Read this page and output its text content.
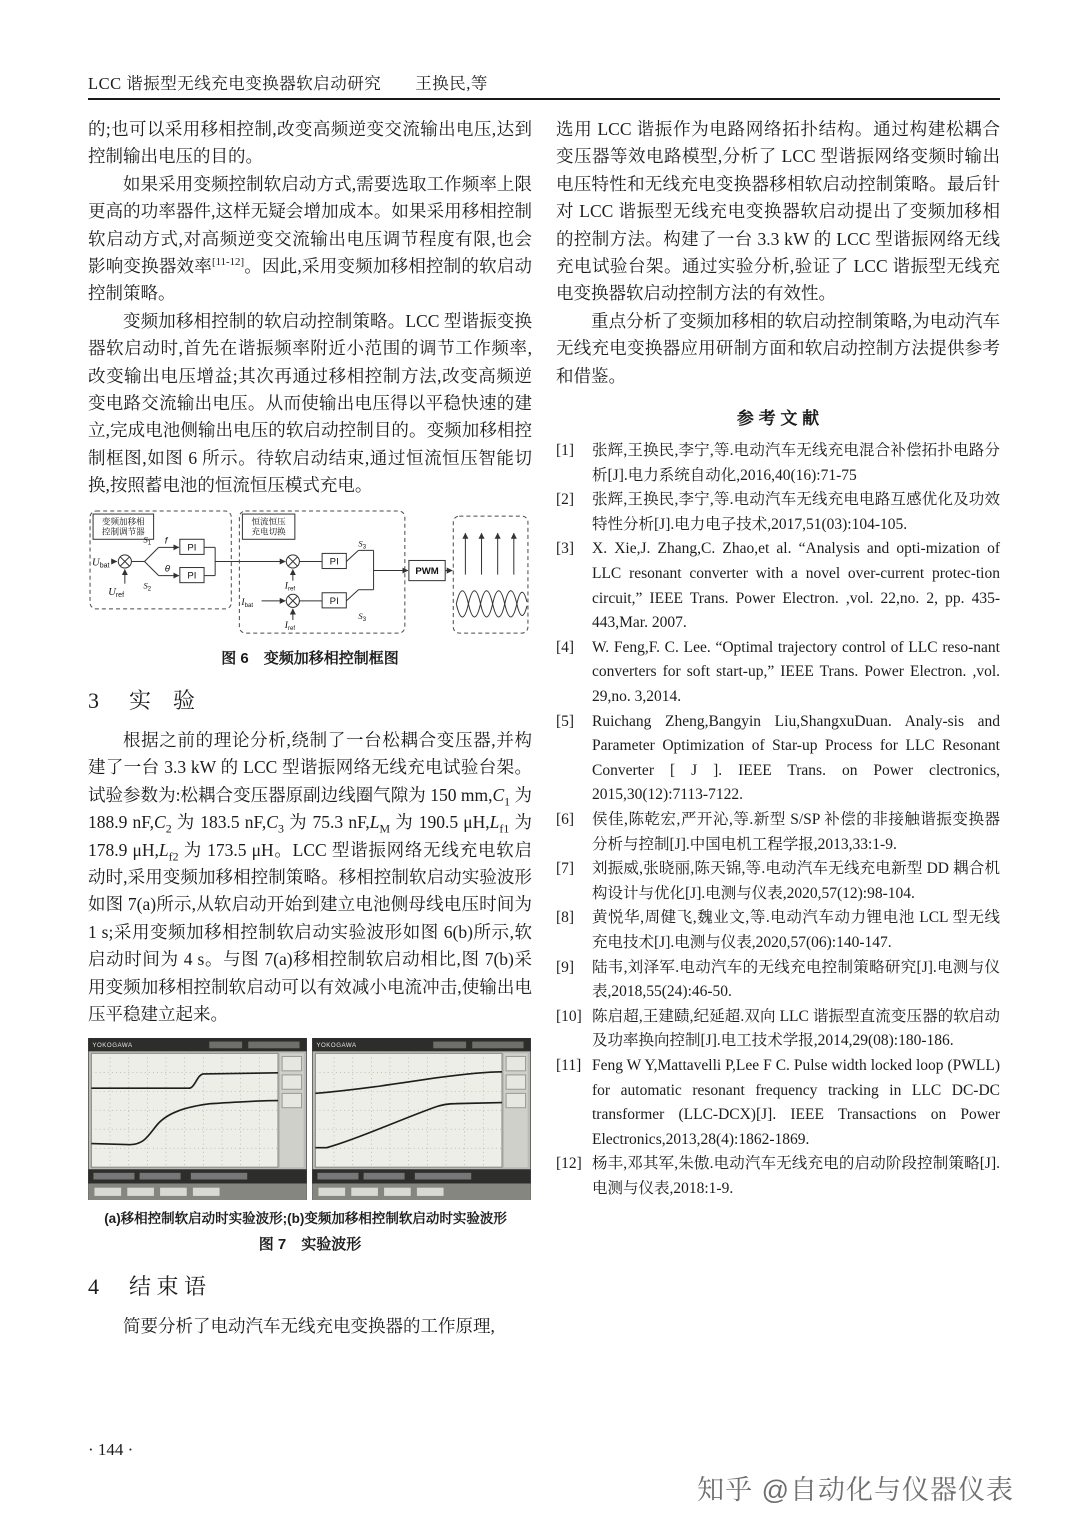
LCC 谐振型无线充电变换器软启动研究　　王换民,等

的;也可以采用移相控制,改变高频逆变交流输出电压,达到控制输出电压的目的。

如果采用变频控制软启动方式,需要选取工作频率上限更高的功率器件,这样无疑会增加成本。如果采用移相控制软启动方式,对高频逆变交流输出电压调节程度有限,也会影响变换器效率[11-12]。因此,采用变频加移相控制的软启动控制策略。

变频加移相控制的软启动控制策略。LCC 型谐振变换器软启动时,首先在谐振频率附近小范围的调节工作频率,改变输出电压增益;其次再通过移相控制方法,改变高频逆变电路交流输出电压。从而使输出电压得以平稳快速的建立,完成电池侧输出电压的软启动控制目的。变频加移相控制框图,如图 6 所示。待软启动结束,通过恒流恒压智能切换,按照蓄电池的恒流恒压模式充电。

变频加移相
控制调节器
Ubat
Uref
S1 f
PI
S2
θ
PI
恒流恒压
充电切换
Iref
PI
S3
Ibat
Iref
PI
S3
PWM
图 6　变频加移相控制框图
3 实　验

根据之前的理论分析,绕制了一台松耦合变压器,并构建了一台 3.3 kW 的 LCC 型谐振网络无线充电试验台架。试验参数为:松耦合变压器原副边线圈气隙为 150 $mm,C_1$ 为 188.9 $nF,C_2$ 为 183.5 $nF,C_3$ 为 75.3 $nF,L_M$ 为 190.5 $\mu H,L_{f1}$ 为 178.9 $\mu H,L_{f2}$ 为 173.5 μH。LCC 型谐振网络无线充电软启动时,采用变频加移相控制策略。移相控制软启动实验波形如图 7(a)所示,从软启动开始到建立电池侧母线电压时间为 1 s;采用变频加移相控制软启动实验波形如图 6(b)所示,软启动时间为 4 s。与图 7(a)移相控制软启动相比,图 7(b)采用变频加移相控制软启动可以有效减小电流冲击,使输出电压平稳建立起来。

YOKOGAWA	YOKOGAWA
(a)移相控制软启动时实验波形;(b)变频加移相控制软启动时实验波形
图 7　实验波形
4 结 束 语

简要分析了电动汽车无线充电变换器的工作原理,

选用 LCC 谐振作为电路网络拓扑结构。通过构建松耦合变压器等效电路模型,分析了 LCC 型谐振网络变频时输出电压特性和无线充电变换器移相软启动控制策略。最后针对 LCC 谐振型无线充电变换器软启动提出了变频加移相的控制方法。构建了一台 3.3 kW 的 LCC 型谐振网络无线充电试验台架。通过实验分析,验证了 LCC 谐振型无线充电变换器软启动控制方法的有效性。

重点分析了变频加移相的软启动控制策略,为电动汽车无线充电变换器应用研制方面和软启动控制方法提供参考和借鉴。

参 考 文 献
[1] 张辉,王换民,李宁,等.电动汽车无线充电混合补偿拓扑电路分析[J].电力系统自动化,2016,40(16):71-75
[2] 张辉,王换民,李宁,等.电动汽车无线充电电路互感优化及功效特性分析[J].电力电子技术,2017,51(03):104-105.
[3] X. Xie,J. Zhang,C. Zhao,et al. “Analysis and opti-mization of LLC resonant converter with a novel over-current protec-tion circuit,” IEEE Trans. Power Electron. ,vol. 22,no. 2, pp. 435-443,Mar. 2007.
[4] W. Feng,F. C. Lee. “Optimal trajectory control of LLC reso-nant converters for soft start-up,” IEEE Trans. Power Electron. ,vol. 29,no. 3,2014.
[5] Ruichang Zheng,Bangyin Liu,ShangxuDuan. Analy-sis and Parameter Optimization of Star-up Process for LLC Resonant Converter [ J ]. IEEE Trans. on Power clectronics, 2015,30(12):7113-7122.
[6] 侯佳,陈乾宏,严开沁,等.新型 S/SP 补偿的非接触谐振变换器分析与控制[J].中国电机工程学报,2013,33:1-9.
[7] 刘振威,张晓丽,陈天锦,等.电动汽车无线充电新型 DD 耦合机构设计与优化[J].电测与仪表,2020,57(12):98-104.
[8] 黄悦华,周健飞,魏业文,等.电动汽车动力锂电池 LCL 型无线充电技术[J].电测与仪表,2020,57(06):140-147.
[9] 陆韦,刘泽军.电动汽车的无线充电控制策略研究[J].电测与仪表,2018,55(24):46-50.
[10] 陈启超,王建赜,纪延超.双向 LLC 谐振型直流变压器的软启动及功率换向控制[J].电工技术学报,2014,29(08):180-186.
[11] Feng W Y,Mattavelli P,Lee F C. Pulse width locked loop (PWLL) for automatic resonant frequency tracking in LLC DC-DC transformer (LLC-DCX)[J]. IEEE Transactions on Power Electronics,2013,28(4):1862-1869.
[12] 杨丰,邓其军,朱傲.电动汽车无线充电的启动阶段控制策略[J].电测与仪表,2018:1-9.
· 144 ·
知乎 @自动化与仪器仪表
